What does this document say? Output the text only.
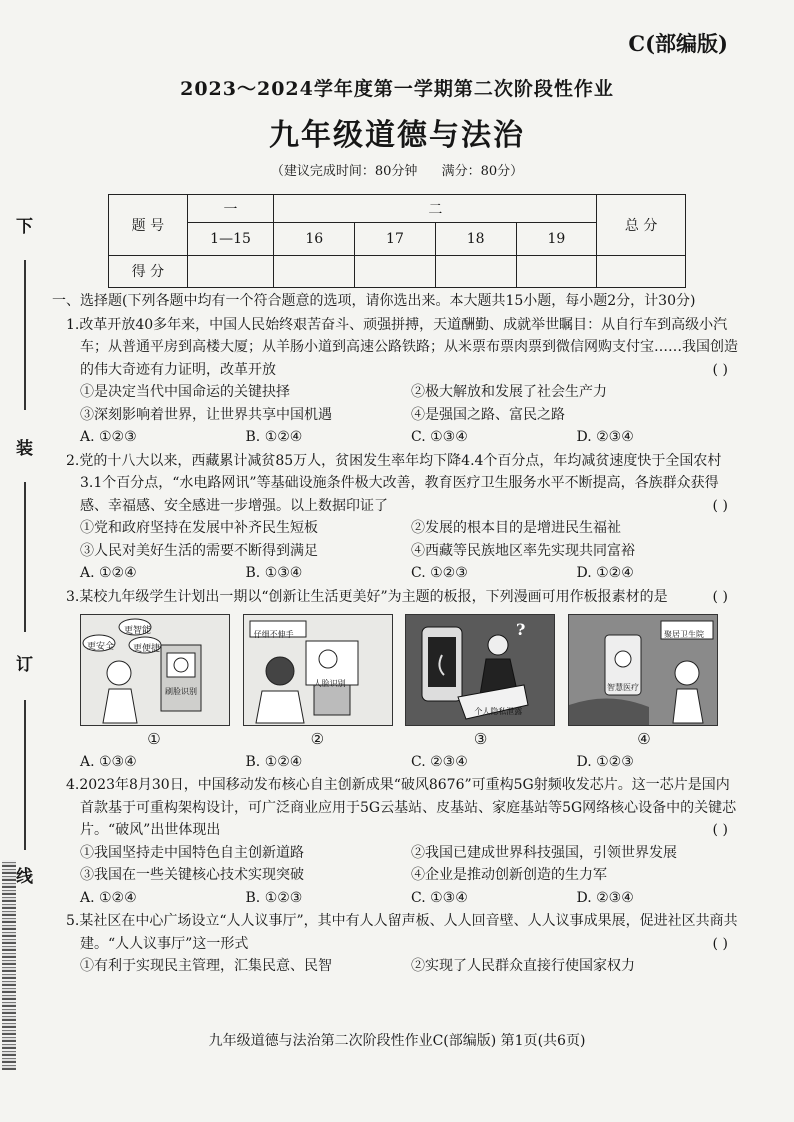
C(部编版)
2023～2024学年度第一学期第二次阶段性作业
九年级道德与法治
（建议完成时间：80分钟 满分：80分）
题 号	一	二				总 分
	1—15	16	17	18	19	
得 分						
下
装
订
线

一、选择题(下列各题中均有一个符合题意的选项，请你选出来。本大题共15小题，每小题2分，计30分)

1.改革开放40多年来，中国人民始终艰苦奋斗、顽强拼搏，天道酬勤、成就举世瞩目：从自行车到高级小汽车；从普通平房到高楼大厦；从羊肠小道到高速公路铁路；从米票布票肉票到微信网购支付宝……我国创造的伟大奇迹有力证明，改革开放	( )
①是决定当代中国命运的关键抉择	②极大解放和发展了社会生产力
③深刻影响着世界，让世界共享中国机遇	④是强国之路、富民之路
A. ①②③	B. ①②④	C. ①③④	D. ②③④
2.党的十八大以来，西藏累计减贫85万人，贫困发生率年均下降4.4个百分点，年均减贫速度快于全国农村3.1个百分点，“水电路网讯”等基础设施条件极大改善，教育医疗卫生服务水平不断提高，各族群众获得感、幸福感、安全感进一步增强。以上数据印证了	( )
①党和政府坚持在发展中补齐民生短板	②发展的根本目的是增进民生福祉
③人民对美好生活的需要不断得到满足	④西藏等民族地区率先实现共同富裕
A. ①②④	B. ①③④	C. ①②③	D. ①②④
3.某校九年级学生计划出一期以“创新让生活更美好”为主题的板报，下列漫画可用作板报素材的是	( )
更智能
更安全 更便捷
刷脸识别
仔细不伸手
人脸识别
?
个人隐私泄露
聚居卫生院
智慧医疗
①	②	③	④
A. ①③④	B. ①②④	C. ②③④	D. ①②③
4.2023年8月30日，中国移动发布核心自主创新成果“破风8676”可重构5G射频收发芯片。这一芯片是国内首款基于可重构架构设计，可广泛商业应用于5G云基站、皮基站、家庭基站等5G网络核心设备中的关键芯片。“破风”出世体现出	( )
①我国坚持走中国特色自主创新道路	②我国已建成世界科技强国，引领世界发展
③我国在一些关键核心技术实现突破	④企业是推动创新创造的生力军
A. ①②④	B. ①②③	C. ①③④	D. ②③④
5.某社区在中心广场设立“人人议事厅”，其中有人人留声板、人人回音壁、人人议事成果展，促进社区共商共建。“人人议事厅”这一形式	( )
①有利于实现民主管理，汇集民意、民智	②实现了人民群众直接行使国家权力
九年级道德与法治第二次阶段性作业C(部编版) 第1页(共6页)
